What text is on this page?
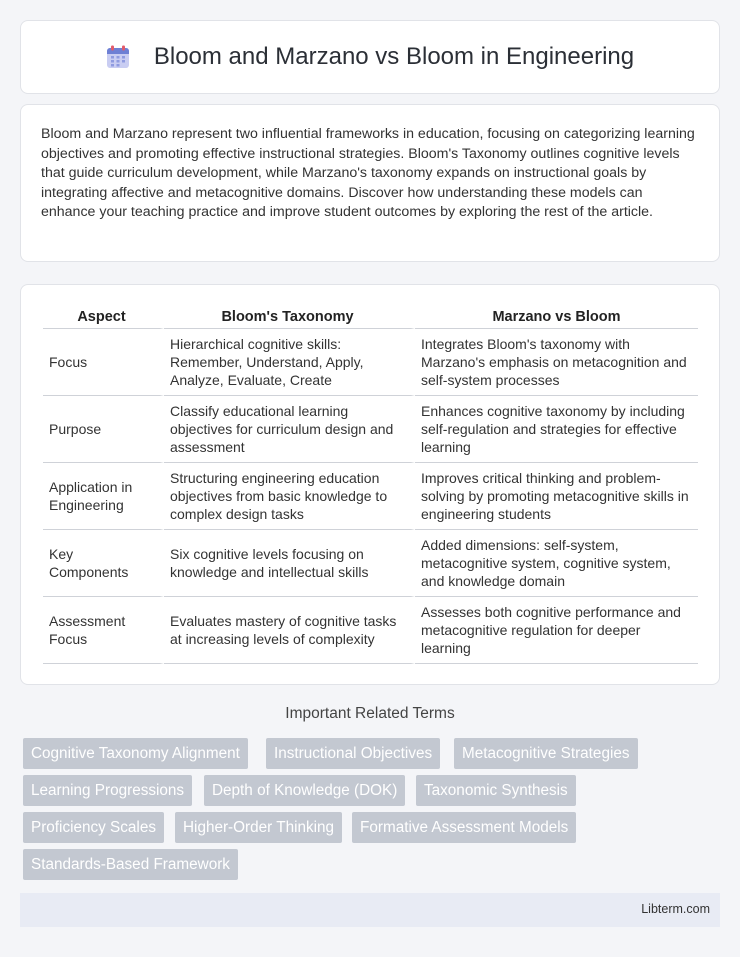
Bloom and Marzano vs Bloom in Engineering

Bloom and Marzano represent two influential frameworks in education, focusing on categorizing learning objectives and promoting effective instructional strategies. Bloom's Taxonomy outlines cognitive levels that guide curriculum development, while Marzano's taxonomy expands on instructional goals by integrating affective and metacognitive domains. Discover how understanding these models can enhance your teaching practice and improve student outcomes by exploring the rest of the article.

Aspect	Bloom's Taxonomy	Marzano vs Bloom
Focus	Hierarchical cognitive skills: Remember, Understand, Apply, Analyze, Evaluate, Create	Integrates Bloom's taxonomy with Marzano's emphasis on metacognition and self-system processes
Purpose	Classify educational learning objectives for curriculum design and assessment	Enhances cognitive taxonomy by including self-regulation and strategies for effective learning
Application in Engineering	Structuring engineering education objectives from basic knowledge to complex design tasks	Improves critical thinking and problem-solving by promoting metacognitive skills in engineering students
Key Components	Six cognitive levels focusing on knowledge and intellectual skills	Added dimensions: self-system, metacognitive system, cognitive system, and knowledge domain
Assessment Focus	Evaluates mastery of cognitive tasks at increasing levels of complexity	Assesses both cognitive performance and metacognitive regulation for deeper learning
Important Related Terms
Cognitive Taxonomy Alignment	Instructional Objectives	Metacognitive Strategies
Learning Progressions	Depth of Knowledge (DOK)	Taxonomic Synthesis
Proficiency Scales	Higher-Order Thinking	Formative Assessment Models
Standards-Based Framework
Libterm.com
